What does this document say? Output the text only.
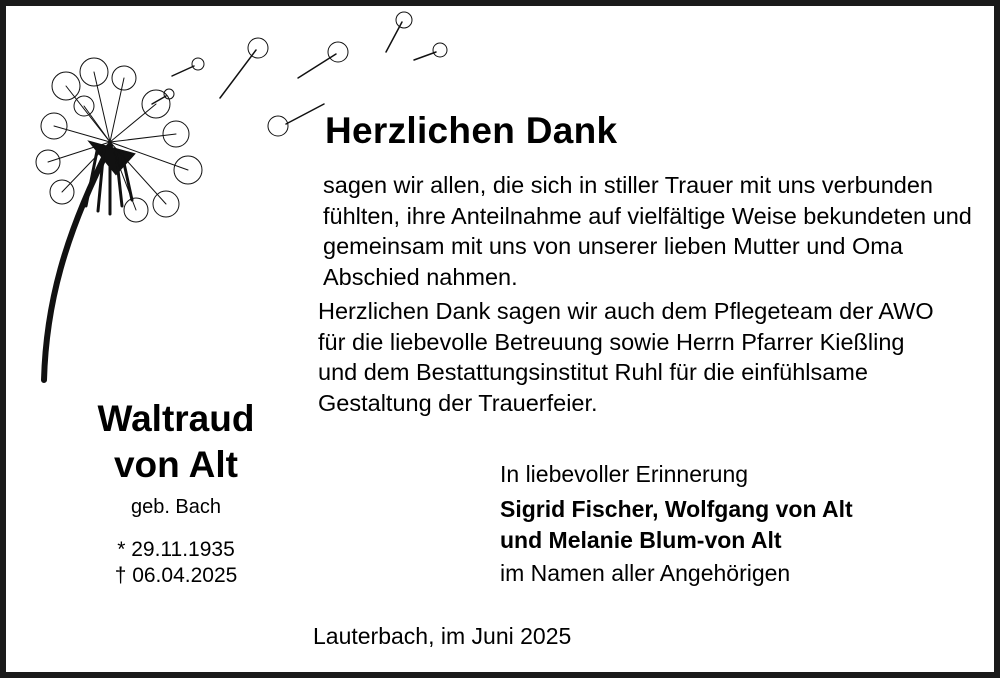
Herzlichen Dank
sagen wir allen, die sich in stiller Trauer mit uns verbunden fühlten, ihre Anteilnahme auf vielfältige Weise bekundeten und gemeinsam mit uns von unserer lieben Mutter und Oma Abschied nahmen.
Herzlichen Dank sagen wir auch dem Pflegeteam der AWO für die liebevolle Betreuung sowie Herrn Pfarrer Kießling und dem Bestattungsinstitut Ruhl für die einfühlsame Gestaltung der Trauerfeier.
Waltraud
von Alt
geb. Bach
* 29.11.1935
† 06.04.2025
In liebevoller Erinnerung
Sigrid Fischer, Wolfgang von Alt
und Melanie Blum-von Alt
im Namen aller Angehörigen
Lauterbach, im Juni 2025
